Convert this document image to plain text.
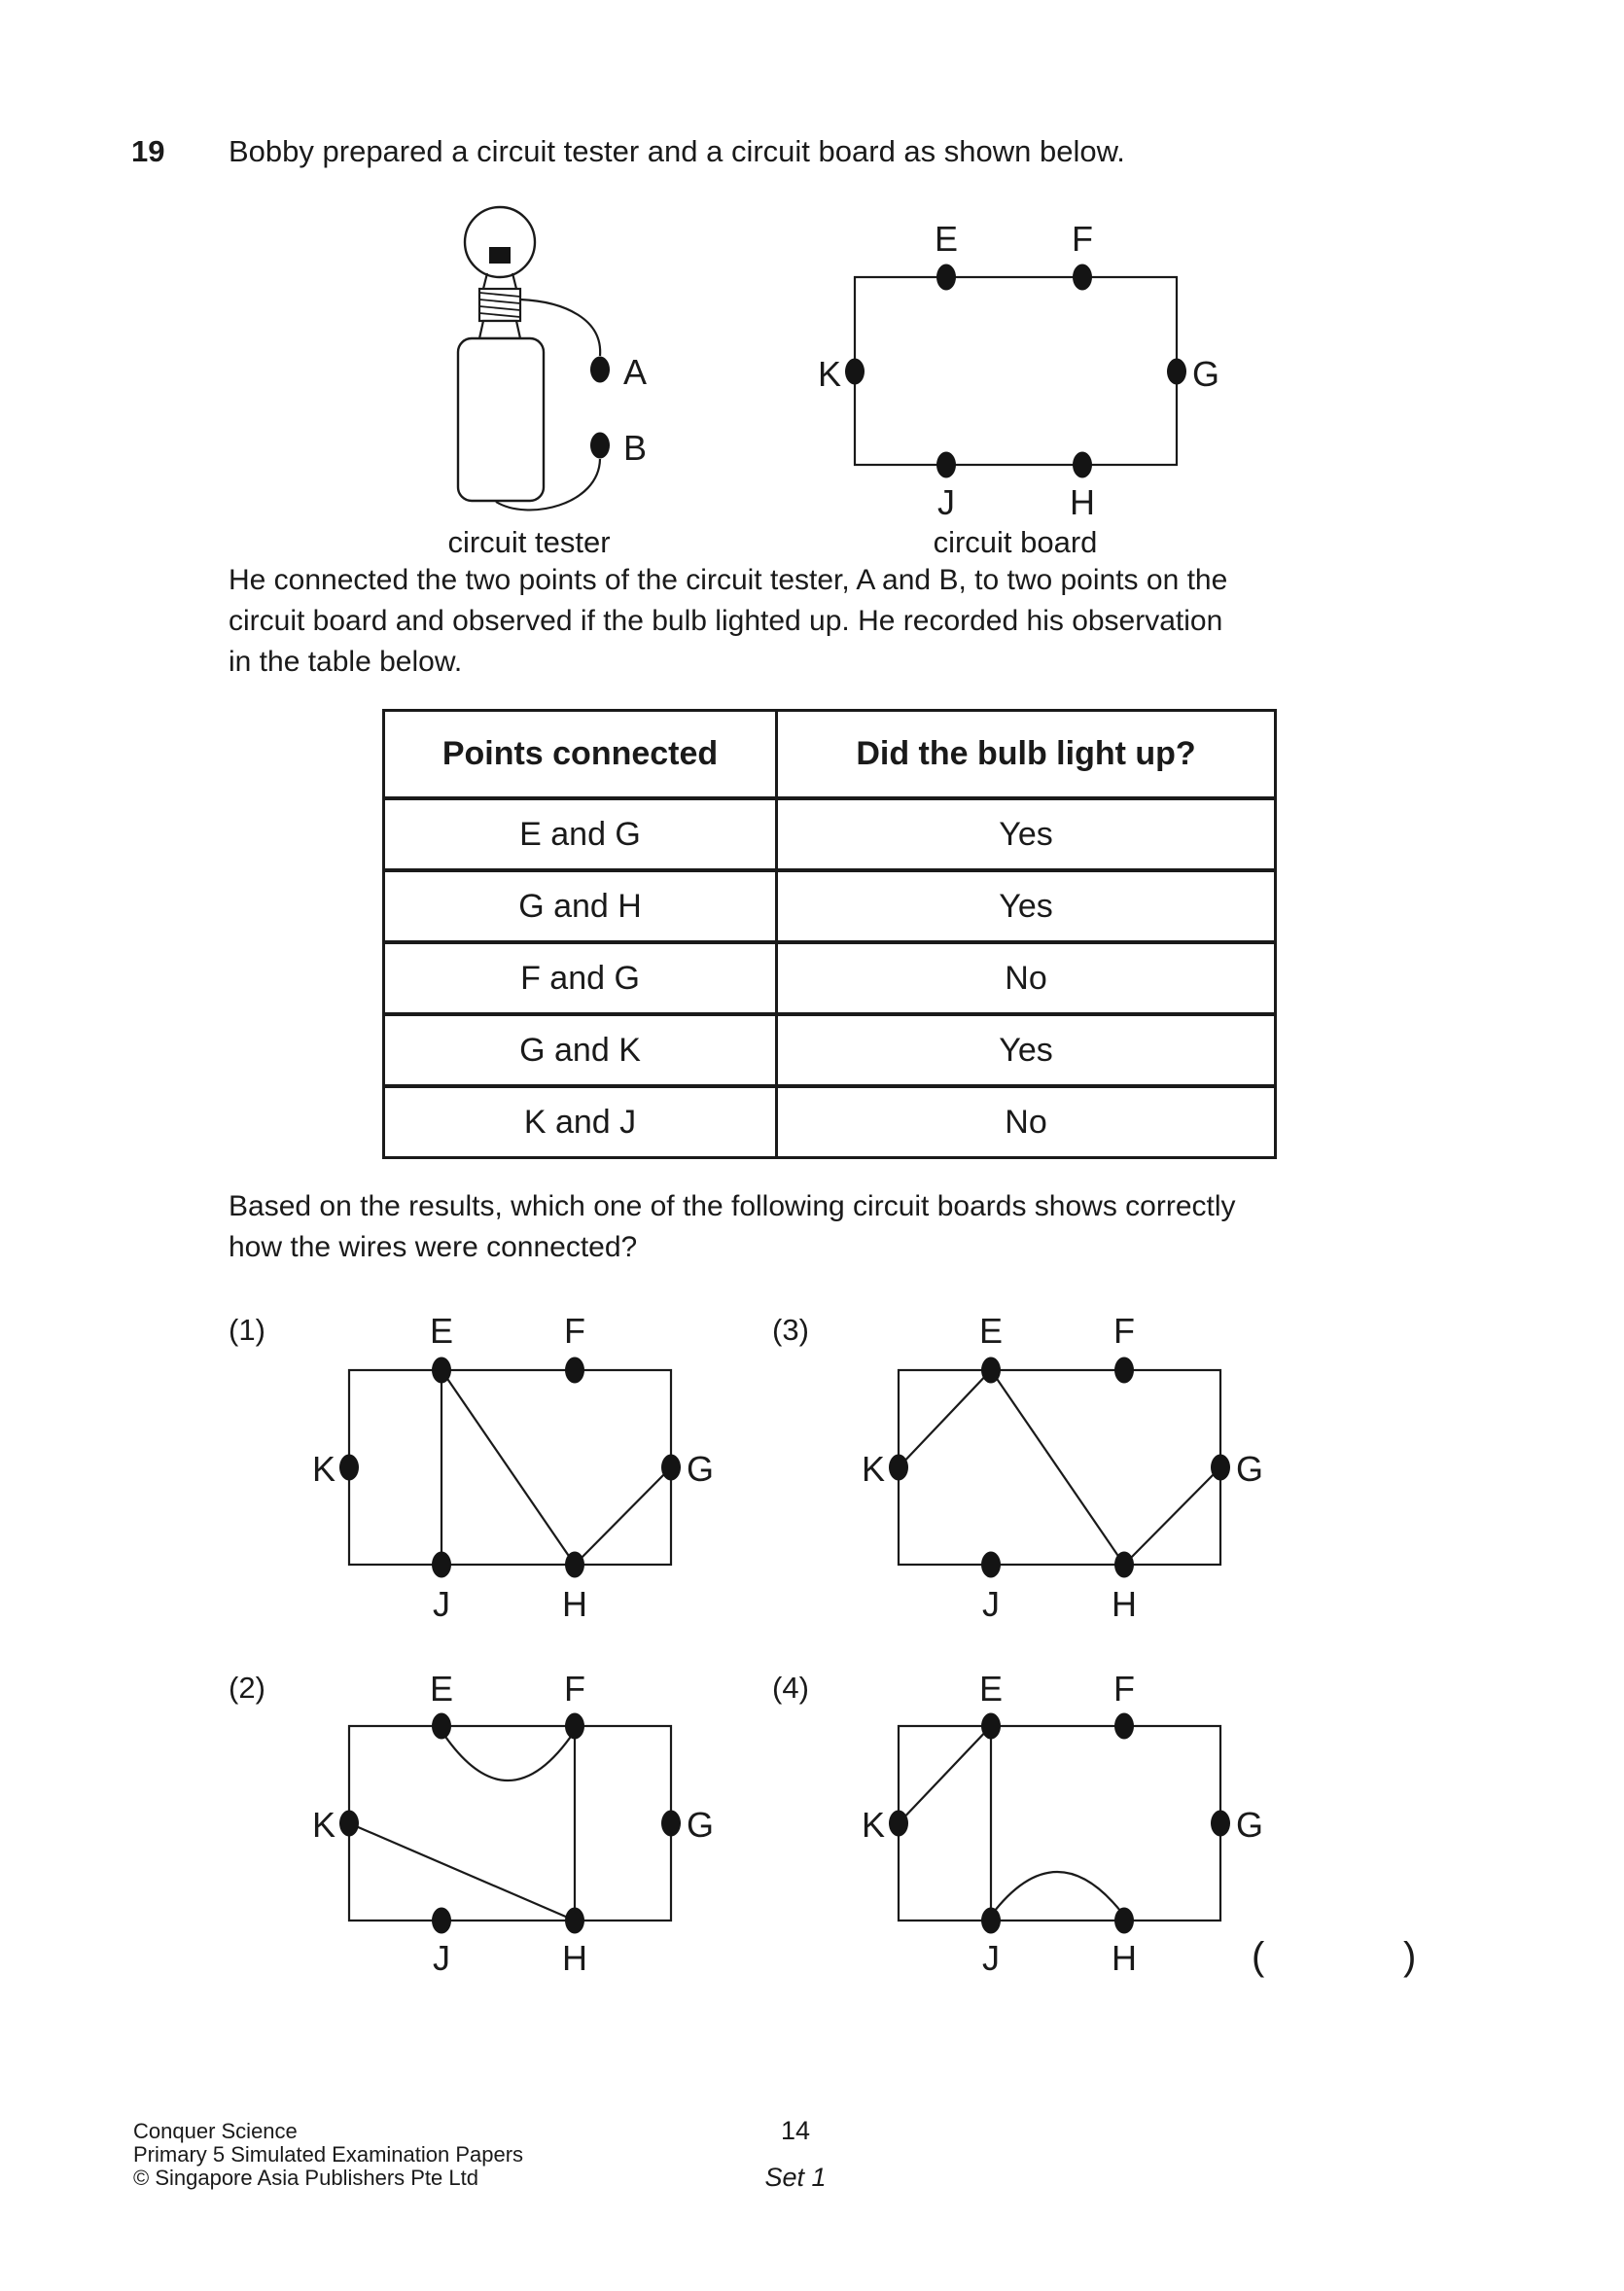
19 Bobby prepared a circuit tester and a circuit board as shown below.
A
B
circuit tester
E	F
K	G
J	H
circuit board
He connected the two points of the circuit tester, A and B, to two points on the
circuit board and observed if the bulb lighted up. He recorded his observation
in the table below.
Points connected	Did the bulb light up?
E and G	Yes
G and H	Yes
F and G	No
G and K	Yes
K and J	No
Based on the results, which one of the following circuit boards shows correctly
how the wires were connected?
(1)	(3)
(2)	(4)
E	F
K	G
J	H
E	F
K	G
J	H
E	F
K	G
J	H
E	F
K	G
J	H	(	)
Conquer Science
Primary 5 Simulated Examination Papers
© Singapore Asia Publishers Pte Ltd
14
Set 1
